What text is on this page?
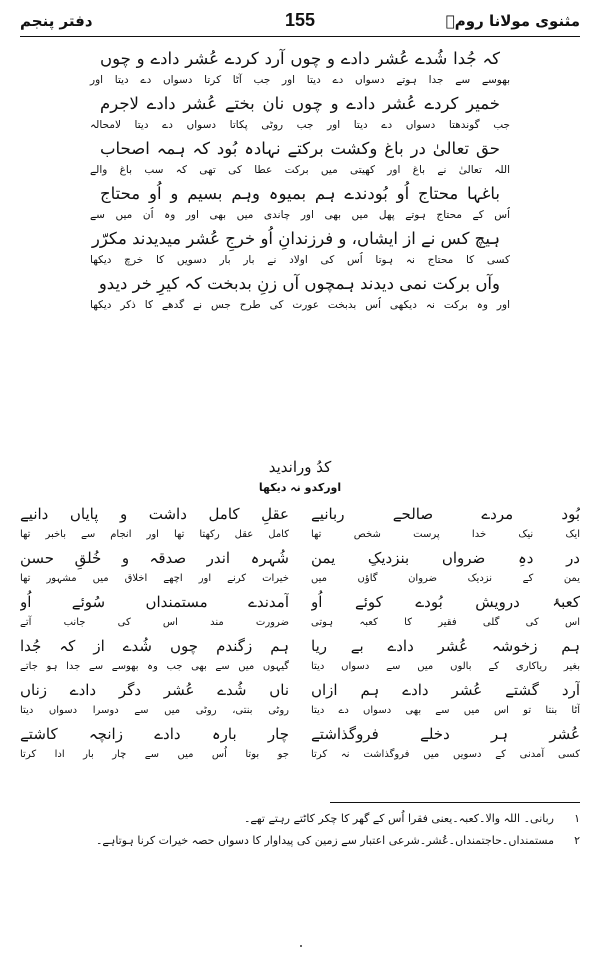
مثنوی مولانا رومؒ
155
دفتر پنجم
کہ جُدا شُدے عُشر دادے و چوں آرد کردے عُشر دادے و چوں
بھوسے سے جدا ہوتے دسواں دے دیتا اور جب آٹا کرتا دسواں دے دیتا اور
خمیر کردے عُشر دادے و چوں نان بختے عُشر دادے لاجرم
جب گوندھتا دسواں دے دیتا اور جب روٹی پکاتا دسواں دے دیتا لامحالہ
حق تعالیٰ در باغ وکشت برکتے نہادہ بُود کہ ہمہ اصحاب
اللہ تعالیٰ نے باغ اور کھیتی میں برکت عطا کی تھی کہ سب باغ والے
باغہا محتاج اُو بُودندے ہم بمیوہ وہم بسیم و اُو محتاج
اُس کے محتاج ہوتے پھل میں بھی اور چاندی میں بھی اور وہ اُن میں سے
ہیچ کس نے از ایشاں، و فرزندانِ اُو خرجِ عُشر میدیدند مکرّر
کسی کا محتاج نہ ہوتا اُس کی اولاد نے بار بار دسویں کا خرچ دیکھا
وآں برکت نمی دیدند ہمچوں آں زنِ بدبخت کہ کیرِ خر دیدو
اور وہ برکت نہ دیکھی اُس بدبخت عورت کی طرح جس نے گدھے کا ذکر دیکھا
کدُ وراندید
اورکدو نہ دیکھا
بُود مردے صالحے ربانیے
ایک نیک خدا پرست شخص تھا
عقلِ کامل داشت و پایاں دانیے
کامل عقل رکھتا تھا اور انجام سے باخبر تھا
در دہِ ضرواں بنزدیکِ یمن
یمن کے نزدیک ضروان گاؤں میں
شُہرہ اندر صدقہ و خُلقِ حسن
خیرات کرنے اور اچھے اخلاق میں مشہور تھا
کعبۂ درویش بُودے کوئے اُو
اس کی گلی فقیر کا کعبہ ہوتی
آمدندے مستمنداں سُوئے اُو
ضرورت مند اس کی جانب آتے
ہم زخوشہ عُشر دادے بے ریا
بغیر ریاکاری کے بالوں میں سے دسواں دیتا
ہم زگندم چوں شُدے از کہ جُدا
گیہوں میں سے بھی جب وہ بھوسے سے جدا ہو جاتے
آرد گشتے عُشر دادے ہم ازاں
آٹا بنتا تو اس میں سے بھی دسواں دے دیتا
ناں شُدے عُشر دگر دادے زناں
روٹی بنتی، روٹی میں سے دوسرا دسواں دیتا
عُشر ہر دخلے فروگذاشتے
کسی آمدنی کے دسویں میں فروگذاشت نہ کرتا
چار بارہ دادے زانچہ کاشتے
جو بوتا اُس میں سے چار بار ادا کرتا
۱
ربانی۔ اللہ والا۔کعبہ۔یعنی فقرا اُس کے گھر کا چکر کاٹتے رہتے تھے۔
۲
مستمنداں۔حاجتمنداں۔عُشر۔شرعی اعتبار سے زمین کی پیداوار کا دسواں حصہ خیرات کرنا ہوتاہے۔
